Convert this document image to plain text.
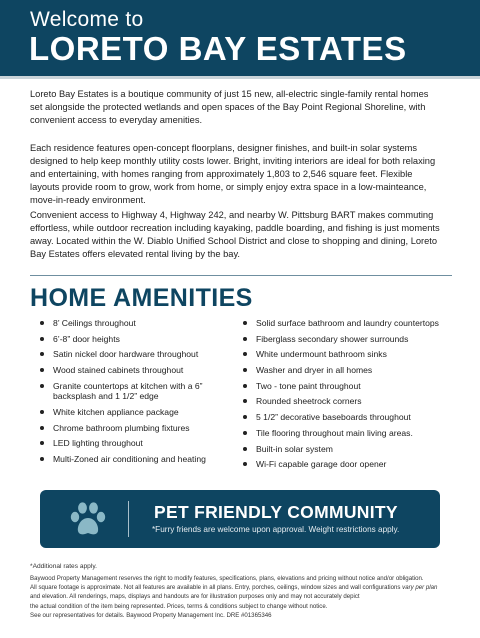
Welcome to
LORETO BAY ESTATES

Loreto Bay Estates is a boutique community of just 15 new, all-electric single-family rental homes set alongside the protected wetlands and open spaces of the Bay Point Regional Shoreline, with convenient access to everyday amenities.

Each residence features open-concept floorplans, designer finishes, and built-in solar systems designed to help keep monthly utility costs lower. Bright, inviting interiors are ideal for both relaxing and entertaining, with homes ranging from approximately 1,803 to 2,546 square feet. Flexible layouts provide room to grow, work from home, or simply enjoy extra space in a low-mainteance, move-in-ready environment.

Convenient access to Highway 4, Highway 242, and nearby W. Pittsburg BART makes commuting effortless, while outdoor recreation including kayaking, paddle boarding, and fishing is just moments away. Located within the W. Diablo Unified School District and close to shopping and dining, Loreto Bay Estates offers elevated rental living by the bay.

HOME AMENITIES
8’ Ceilings throughout
6’-8” door heights
Satin nickel door hardware throughout
Wood stained cabinets throughout
Granite countertops at kitchen with a 6” backsplash and 1 1/2” edge
White kitchen appliance package
Chrome bathroom plumbing fixtures
LED lighting throughout
Multi-Zoned air conditioning and heating
Solid surface bathroom and laundry countertops
Fiberglass secondary shower surrounds
White undermount bathroom sinks
Washer and dryer in all homes
Two - tone paint throughout
Rounded sheetrock corners
5 1/2” decorative baseboards throughout
Tile flooring throughout main living areas.
Built-in solar system
Wi-Fi capable garage door opener
PET FRIENDLY COMMUNITY
*Furry friends are welcome upon approval. Weight restrictions apply.
*Additional rates apply.
Baywood Property Management reserves the right to modify features, specifications, plans, elevations and pricing without notice and/or obligation.
All square footage is approximate. Not all features are available in all plans. Entry, porches, ceilings, window sizes and wall configurations vary per plan
and elevation. All renderings, maps, displays and handouts are for illustration purposes only and may not accurately depict
the actual condition of the item being represented. Prices, terms & conditions subject to change without notice.
See our representatives for details. Baywood Property Management Inc. DRE #01365346
